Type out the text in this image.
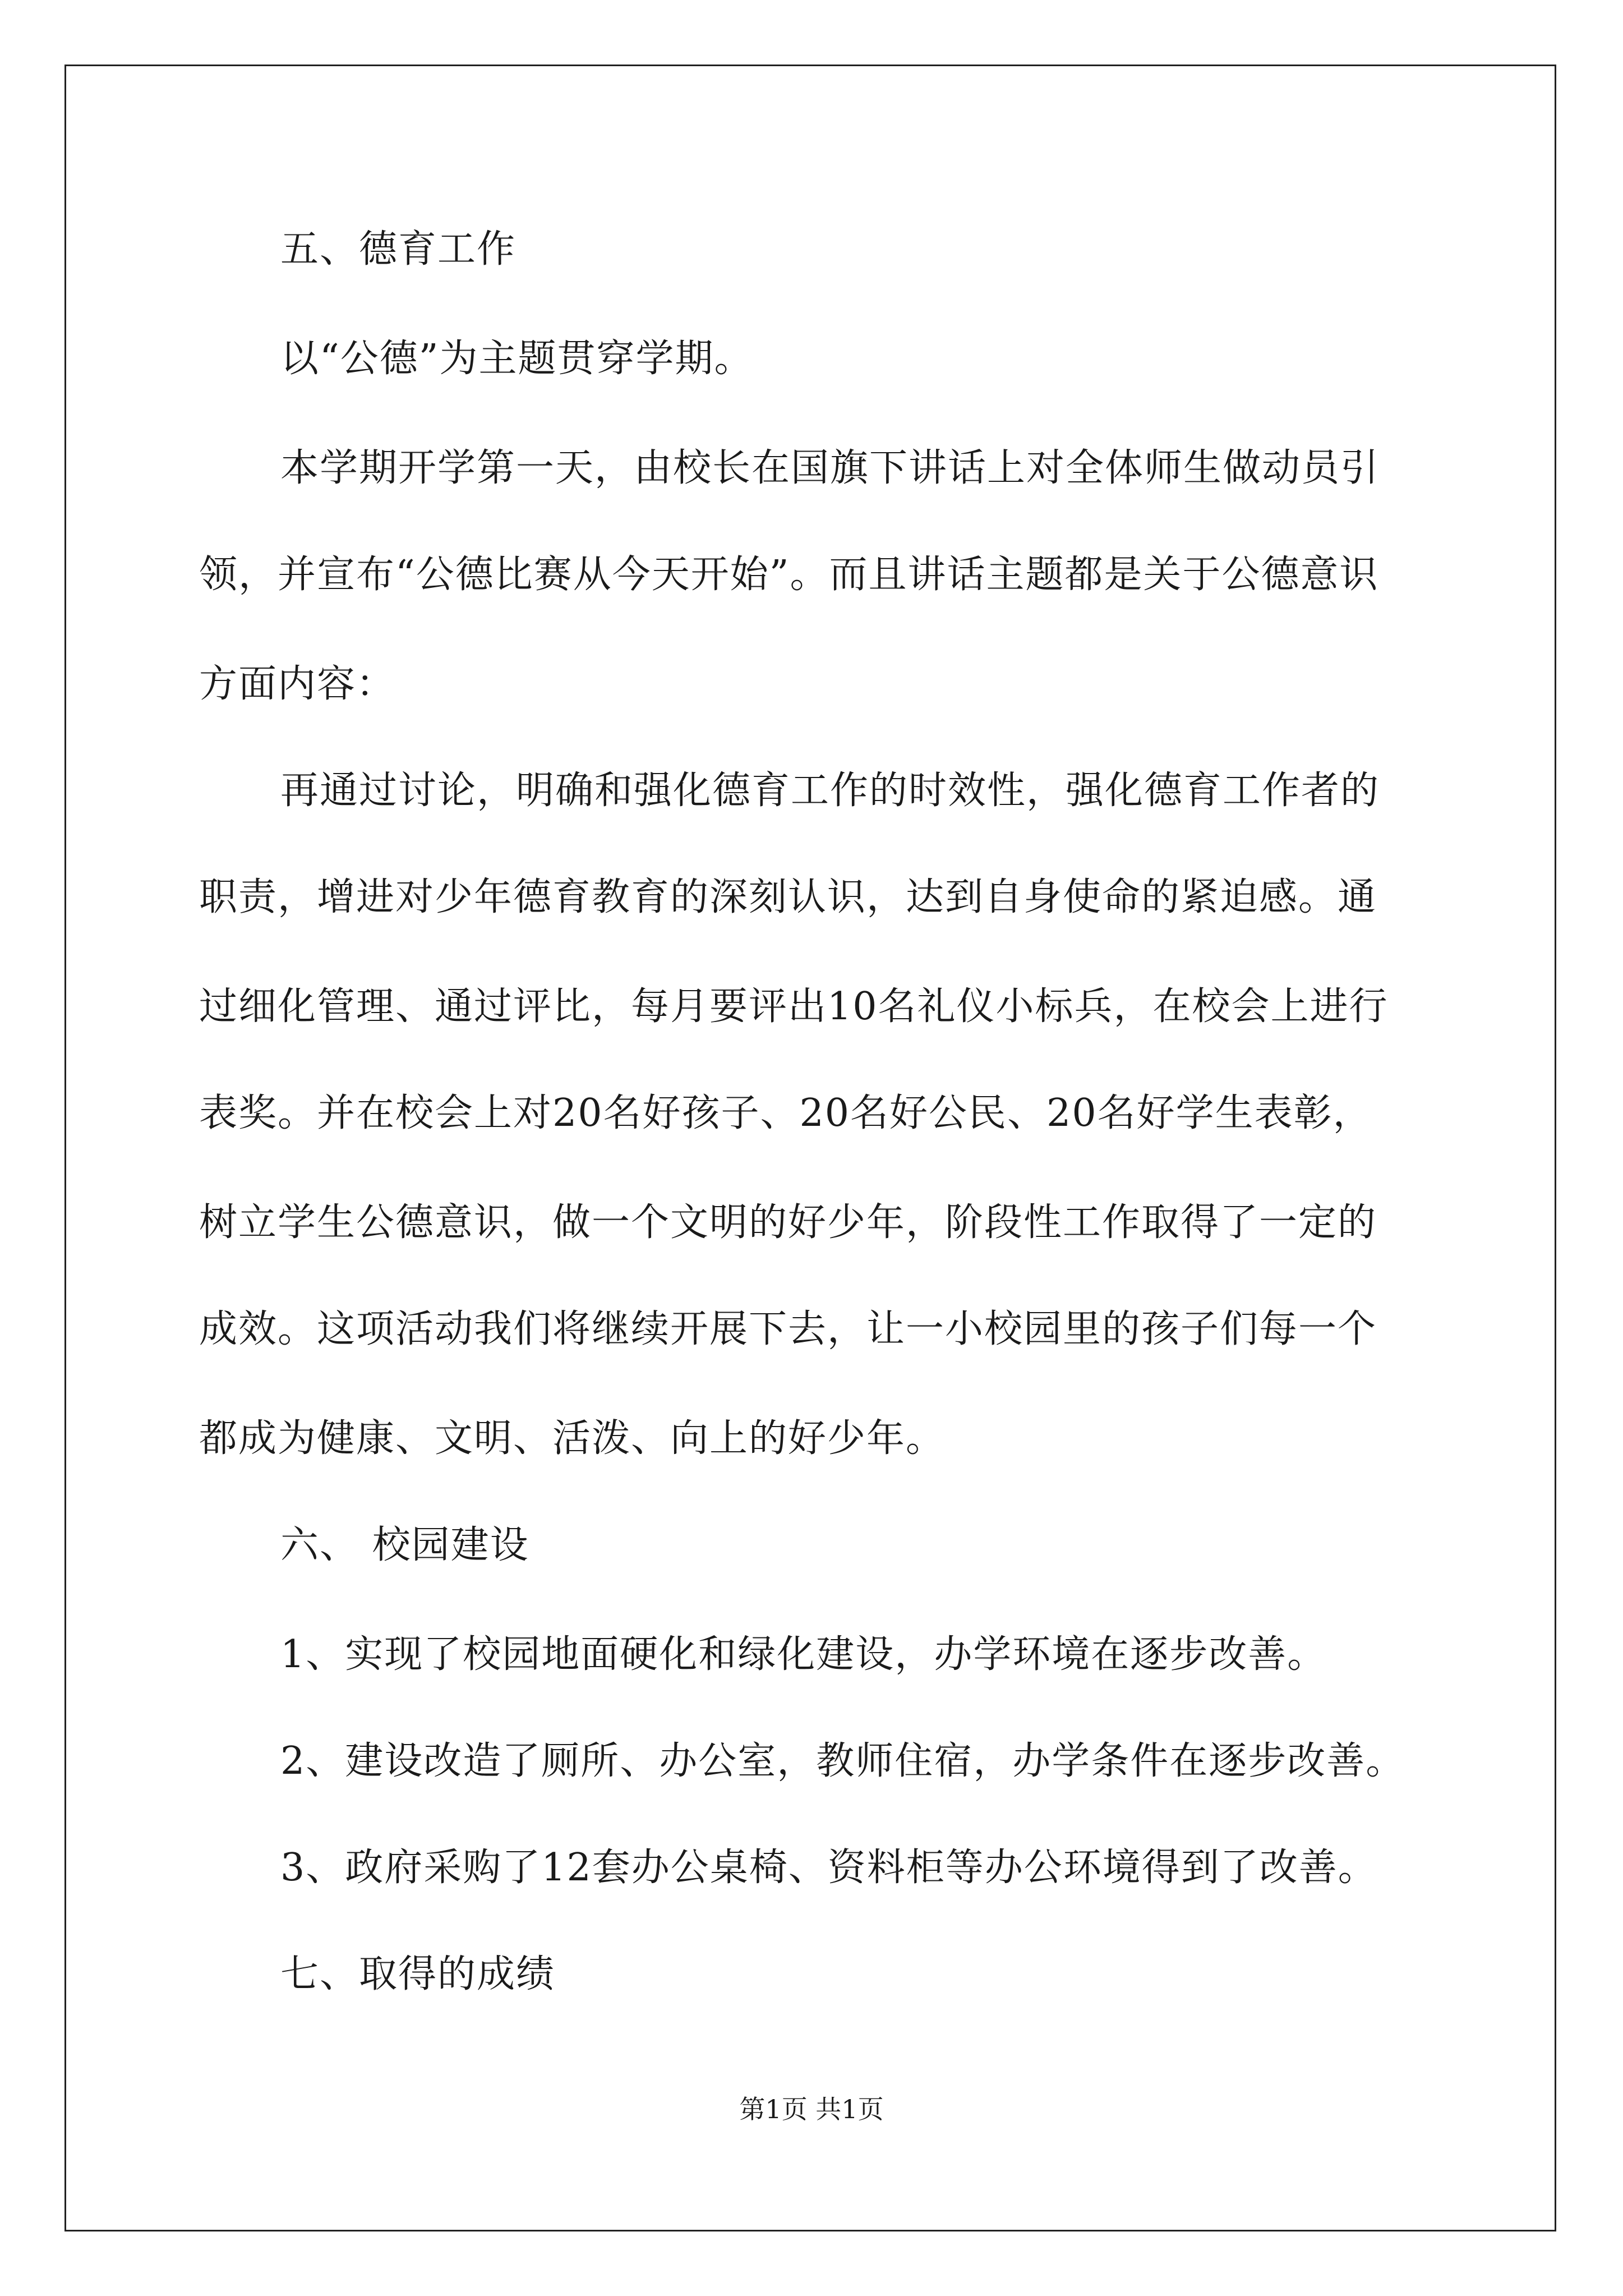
五、德育工作
以“公德”为主题贯穿学期。
本学期开学第一天，由校长在国旗下讲话上对全体师生做动员引
领，并宣布“公德比赛从今天开始”。而且讲话主题都是关于公德意识
方面内容：
再通过讨论，明确和强化德育工作的时效性，强化德育工作者的
职责，增进对少年德育教育的深刻认识，达到自身使命的紧迫感。通
过细化管理、通过评比，每月要评出10名礼仪小标兵，在校会上进行
表奖。并在校会上对20名好孩子、20名好公民、20名好学生表彰，
树立学生公德意识，做一个文明的好少年，阶段性工作取得了一定的
成效。这项活动我们将继续开展下去，让一小校园里的孩子们每一个
都成为健康、文明、活泼、向上的好少年。
六、 校园建设
1、实现了校园地面硬化和绿化建设，办学环境在逐步改善。
2、建设改造了厕所、办公室，教师住宿，办学条件在逐步改善。
3、政府采购了12套办公桌椅、资料柜等办公环境得到了改善。
七、取得的成绩
第1页 共1页
